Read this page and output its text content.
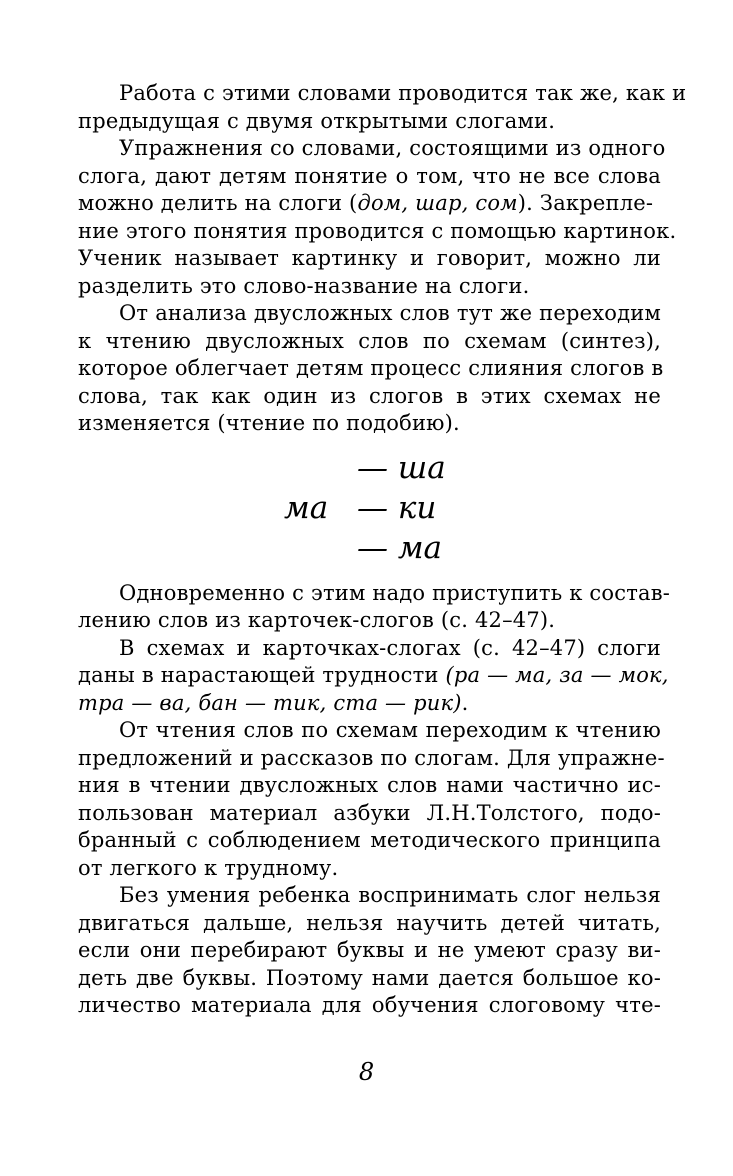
Работа с этими словами проводится так же, как и
предыдущая с двумя открытыми слогами.
Упражнения со словами, состоящими из одного
слога, дают детям понятие о том, что не все слова
можно делить на слоги (дом, шар, сом). Закрепле-
ние этого понятия проводится с помощью картинок.
Ученик называет картинку и говорит, можно ли
разделить это слово-название на слоги.
От анализа двусложных слов тут же переходим
к чтению двусложных слов по схемам (синтез),
которое облегчает детям процесс слияния слогов в
слова, так как один из слогов в этих схемах не
изменяется (чтение по подобию).
ма
— ша
— ки
— ма
Одновременно с этим надо приступить к состав-
лению слов из карточек-слогов (с. 42–47).
В схемах и карточках-слогах (с. 42–47) слоги
даны в нарастающей трудности (ра — ма, за — мок,
тра — ва, бан — тик, ста — рик).
От чтения слов по схемам переходим к чтению
предложений и рассказов по слогам. Для упражне-
ния в чтении двусложных слов нами частично ис-
пользован материал азбуки Л.Н.Толстого, подо-
бранный с соблюдением методического принципа
от легкого к трудному.
Без умения ребенка воспринимать слог нельзя
двигаться дальше, нельзя научить детей читать,
если они перебирают буквы и не умеют сразу ви-
деть две буквы. Поэтому нами дается большое ко-
личество материала для обучения слоговому чте-
8
